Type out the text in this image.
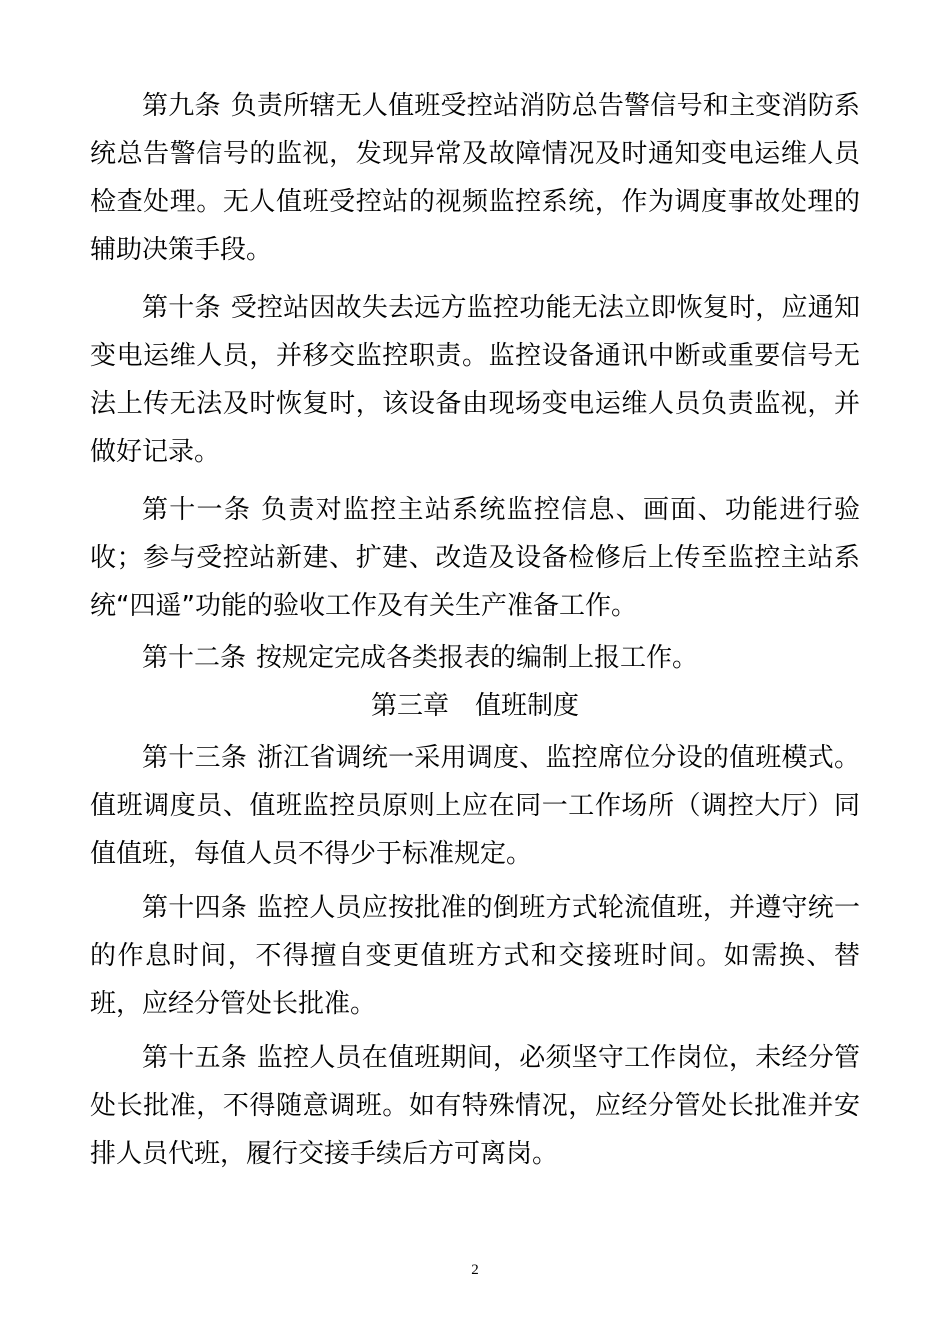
第九条 负责所辖无人值班受控站消防总告警信号和主变消防系统总告警信号的监视，发现异常及故障情况及时通知变电运维人员检查处理。无人值班受控站的视频监控系统，作为调度事故处理的辅助决策手段。

第十条 受控站因故失去远方监控功能无法立即恢复时，应通知变电运维人员，并移交监控职责。监控设备通讯中断或重要信号无法上传无法及时恢复时，该设备由现场变电运维人员负责监视，并做好记录。

第十一条 负责对监控主站系统监控信息、画面、功能进行验收；参与受控站新建、扩建、改造及设备检修后上传至监控主站系统“四遥”功能的验收工作及有关生产准备工作。

第十二条 按规定完成各类报表的编制上报工作。

第三章　值班制度

第十三条 浙江省调统一采用调度、监控席位分设的值班模式。值班调度员、值班监控员原则上应在同一工作场所（调控大厅）同值值班，每值人员不得少于标准规定。

第十四条 监控人员应按批准的倒班方式轮流值班，并遵守统一的作息时间，不得擅自变更值班方式和交接班时间。如需换、替班，应经分管处长批准。

第十五条 监控人员在值班期间，必须坚守工作岗位，未经分管处长批准，不得随意调班。如有特殊情况，应经分管处长批准并安排人员代班，履行交接手续后方可离岗。

2
